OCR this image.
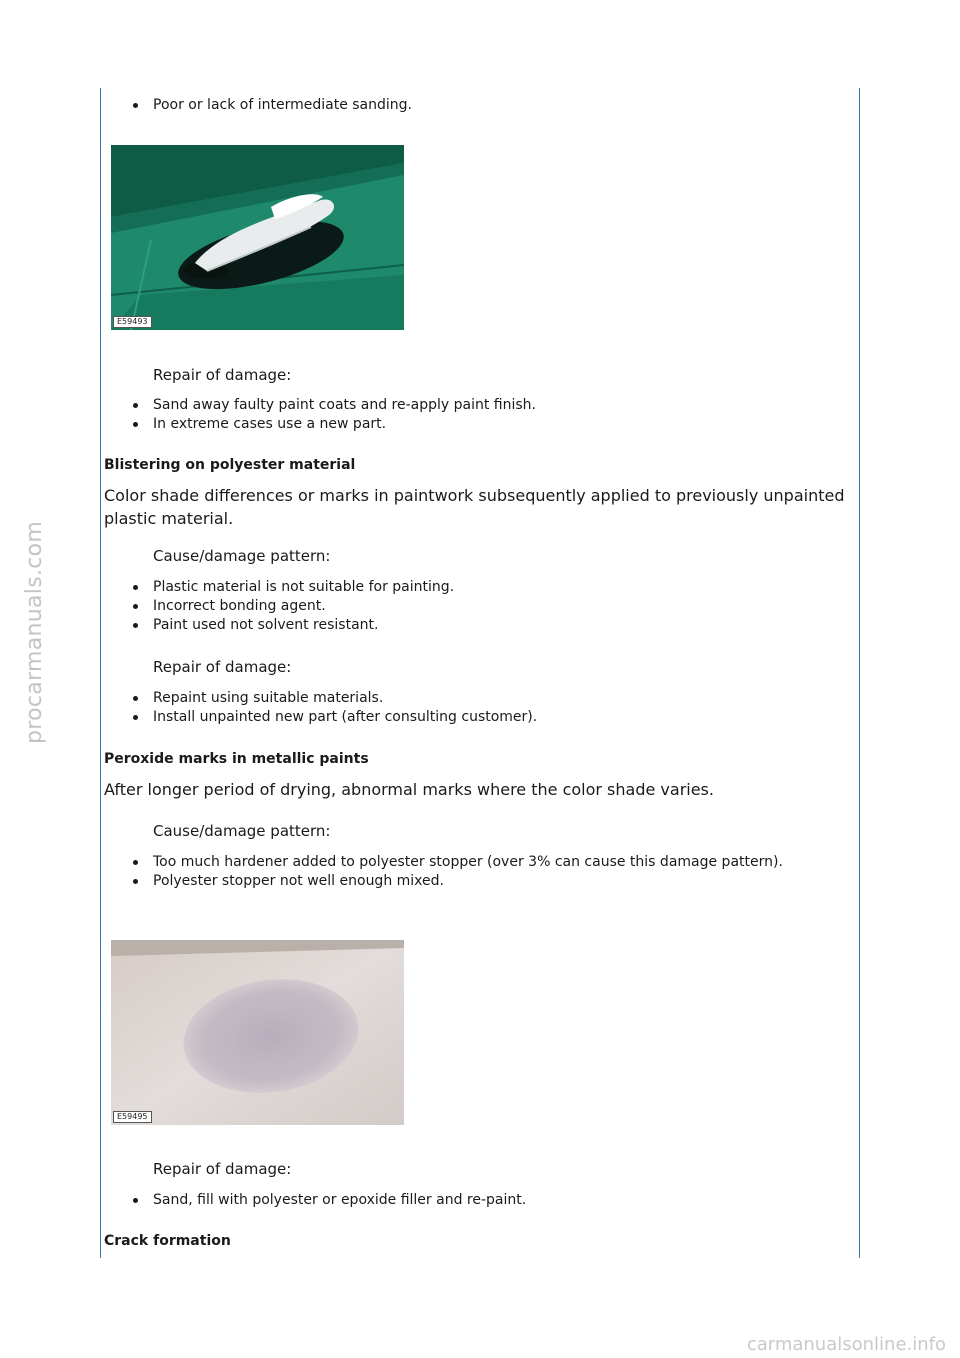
procarmanuals.com
carmanualsonline.info
Poor or lack of intermediate sanding.
E59493
Repair of damage:
Sand away faulty paint coats and re-apply paint finish.
In extreme cases use a new part.
Blistering on polyester material
Color shade differences or marks in paintwork subsequently applied to previously unpainted plastic material.
Cause/damage pattern:
Plastic material is not suitable for painting.
Incorrect bonding agent.
Paint used not solvent resistant.
Repair of damage:
Repaint using suitable materials.
Install unpainted new part (after consulting customer).
Peroxide marks in metallic paints
After longer period of drying, abnormal marks where the color shade varies.
Cause/damage pattern:
Too much hardener added to polyester stopper (over 3% can cause this damage pattern).
Polyester stopper not well enough mixed.
E59495
Repair of damage:
Sand, fill with polyester or epoxide filler and re-paint.
Crack formation
